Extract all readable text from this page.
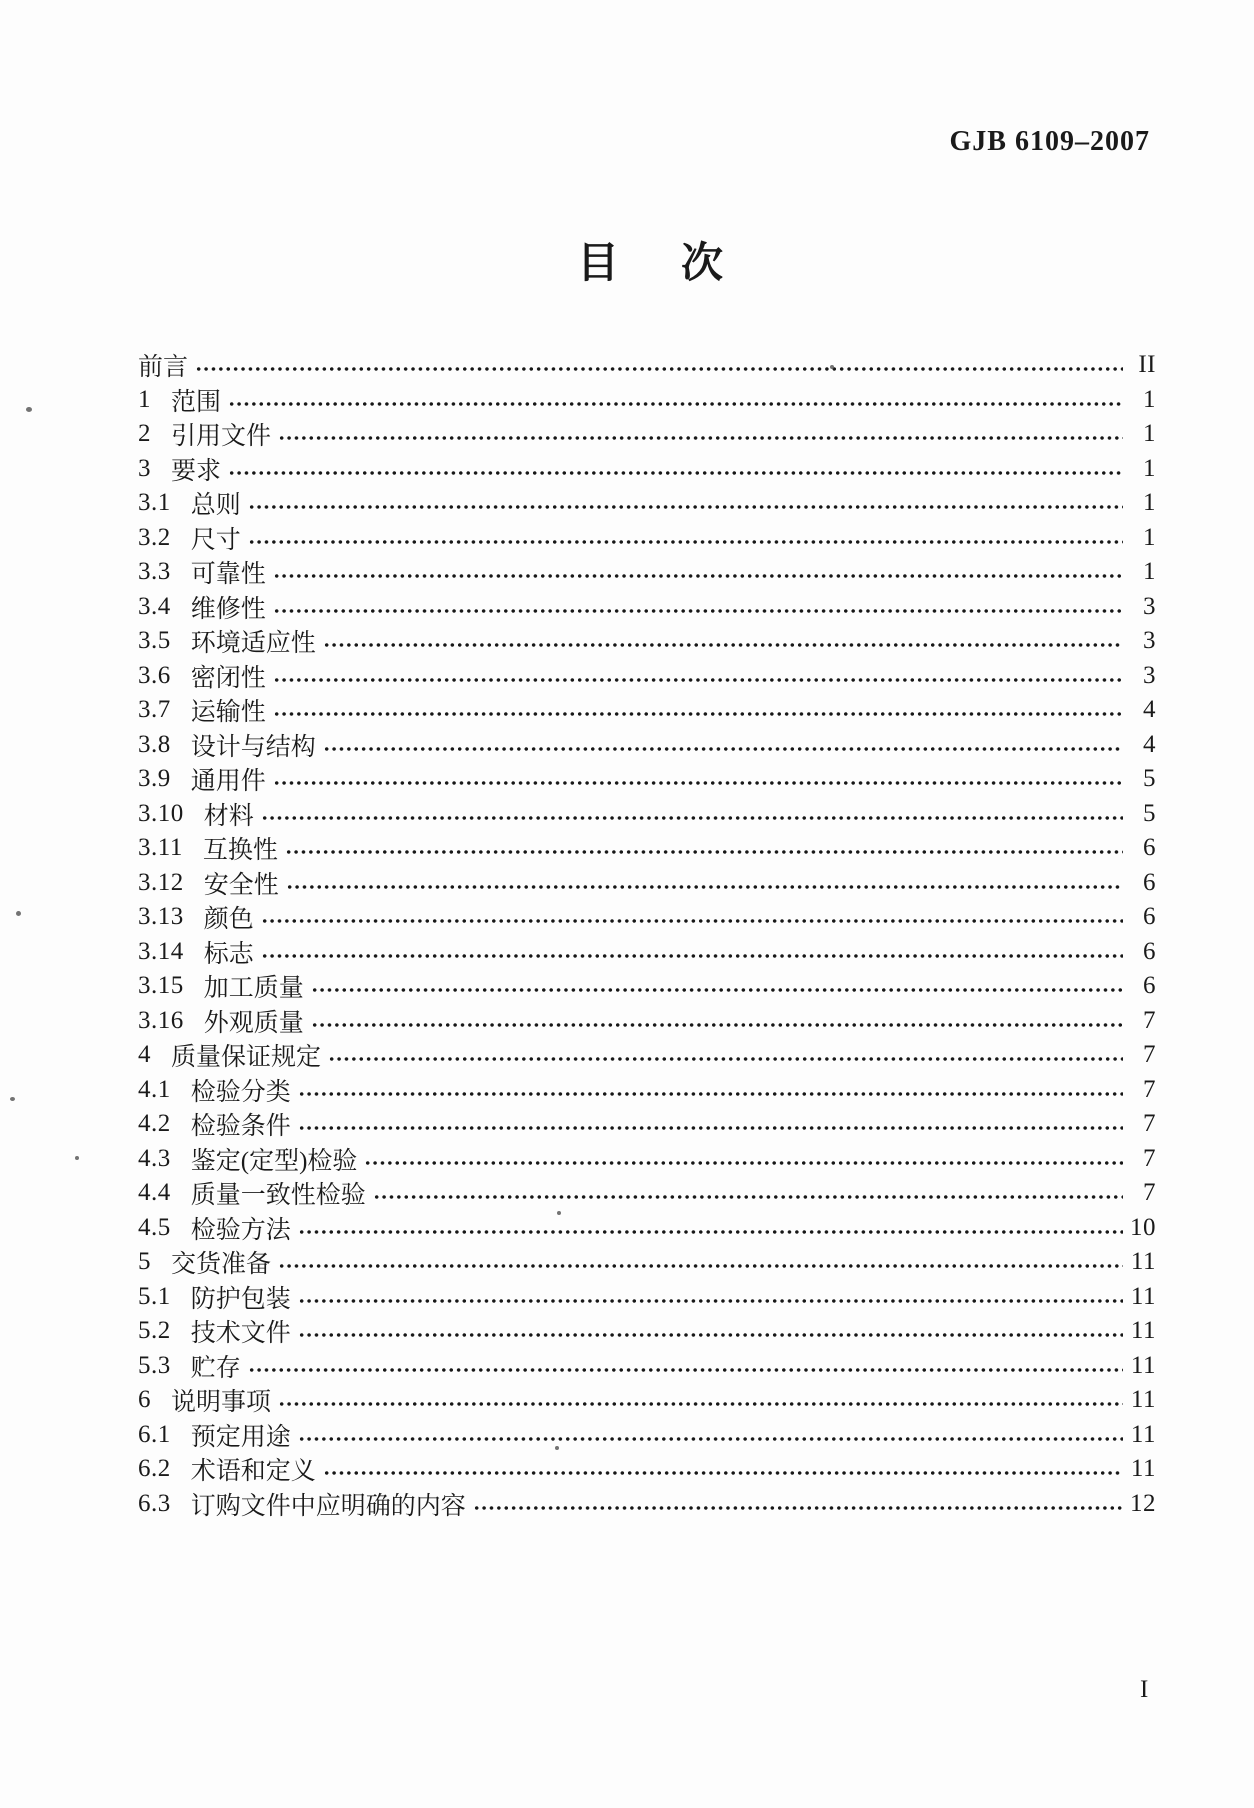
GJB 6109–2007
目次
前言	II
1 范围	1
2 引用文件	1
3 要求	1
3.1 总则	1
3.2 尺寸	1
3.3 可靠性	1
3.4 维修性	3
3.5 环境适应性	3
3.6 密闭性	3
3.7 运输性	4
3.8 设计与结构	4
3.9 通用件	5
3.10 材料	5
3.11 互换性	6
3.12 安全性	6
3.13 颜色	6
3.14 标志	6
3.15 加工质量	6
3.16 外观质量	7
4 质量保证规定	7
4.1 检验分类	7
4.2 检验条件	7
4.3 鉴定(定型)检验	7
4.4 质量一致性检验	7
4.5 检验方法	10
5 交货准备	11
5.1 防护包装	11
5.2 技术文件	11
5.3 贮存	11
6 说明事项	11
6.1 预定用途	11
6.2 术语和定义	11
6.3 订购文件中应明确的内容	12
I
